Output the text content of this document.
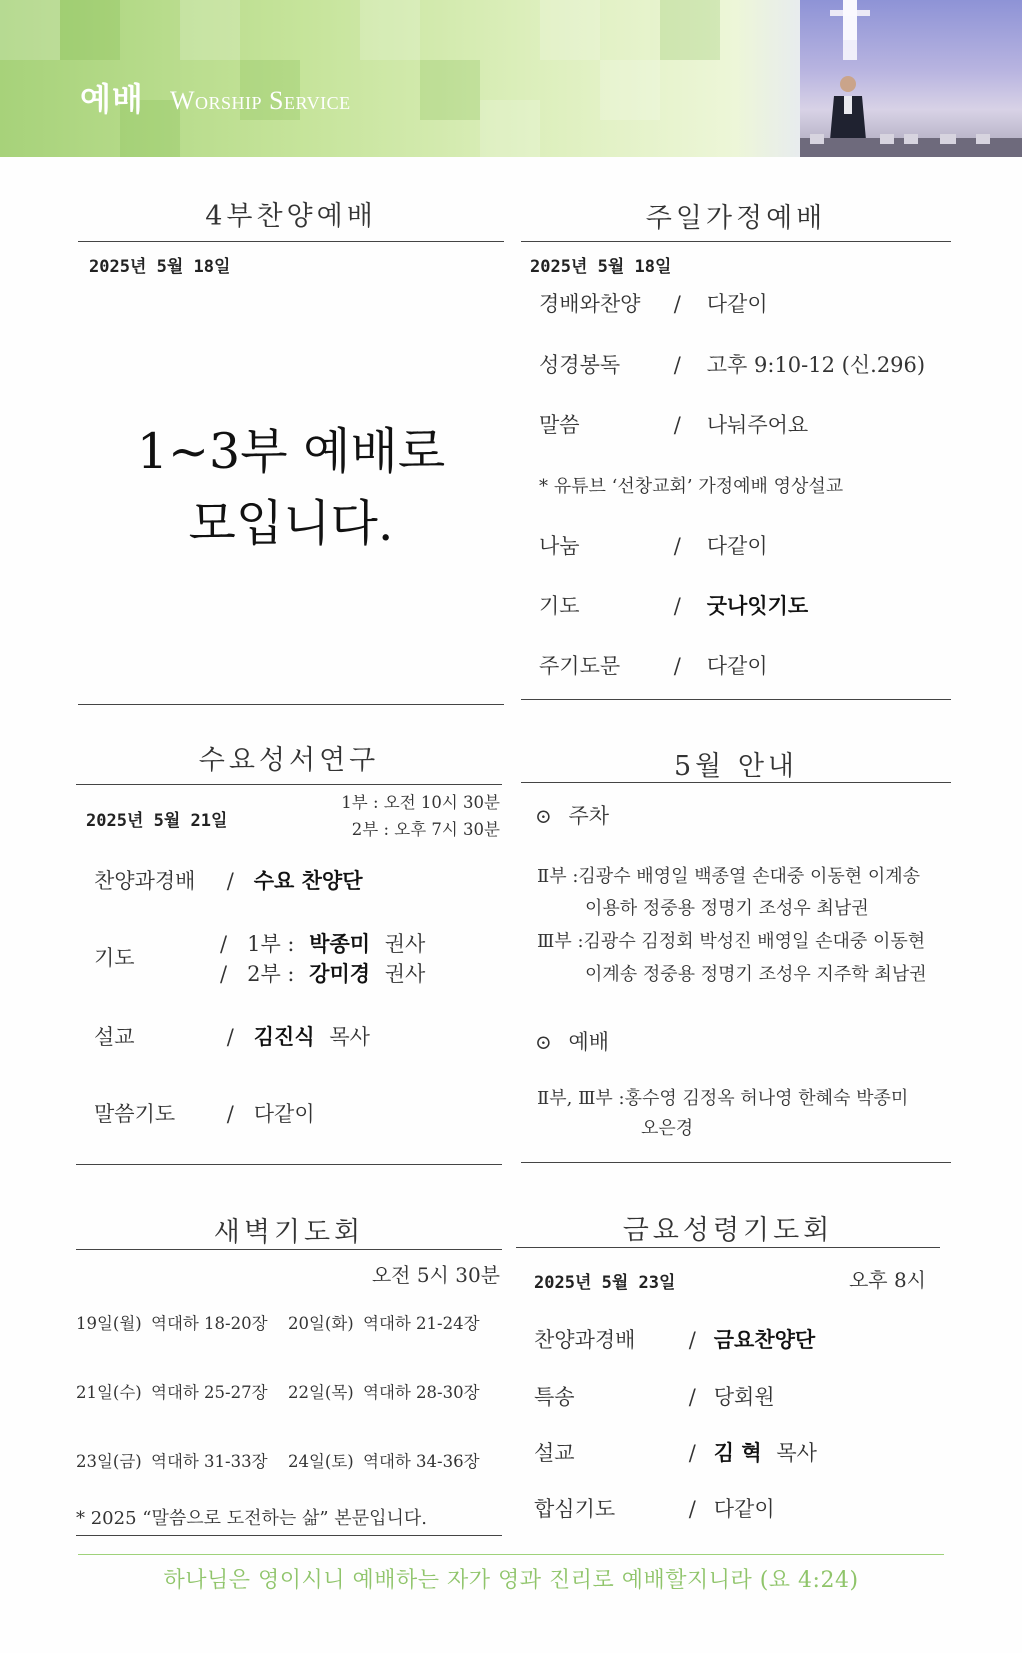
예배 Worship Service
4부찬양예배
2025년 5월 18일
1~3부 예배로
모입니다.
주일가정예배
2025년 5월 18일
경배와찬양 / 다같이
성경봉독	/ 고후 9:10-12 (신.296)
말씀	/ 나눠주어요
* 유튜브 ‘선창교회’ 가정예배 영상설교
나눔	/ 다같이
기도	/ 굿나잇기도
주기도문	/ 다같이
수요성서연구
2025년 5월 21일
1부 : 오전 10시 30분
2부 : 오후 7시 30분
찬양과경배 / 수요 찬양단
기도
/ 1부 : 박종미 권사
/ 2부 : 강미경 권사
설교	/ 김진식 목사
말씀기도 / 다같이
5월 안내
⊙ 주차
Ⅱ부 :김광수 배영일 백종열 손대중 이동현 이계송
이용하 정중용 정명기 조성우 최남권
Ⅲ부 :김광수 김정회 박성진 배영일 손대중 이동현
이계송 정중용 정명기 조성우 지주학 최남권
⊙ 예배
Ⅱ부, Ⅲ부 :홍수영 김정옥 허나영 한혜숙 박종미
오은경
새벽기도회
오전 5시 30분
19일(월) 역대하 18-20장 20일(화) 역대하 21-24장
21일(수) 역대하 25-27장 22일(목) 역대하 28-30장
23일(금) 역대하 31-33장 24일(토) 역대하 34-36장
* 2025 “말씀으로 도전하는 삶” 본문입니다.
금요성령기도회
2025년 5월 23일	오후 8시
찬양과경배	/ 금요찬양단
특송	/ 당회원
설교	/ 김 혁 목사
합심기도	/ 다같이
하나님은 영이시니 예배하는 자가 영과 진리로 예배할지니라 (요 4:24)
